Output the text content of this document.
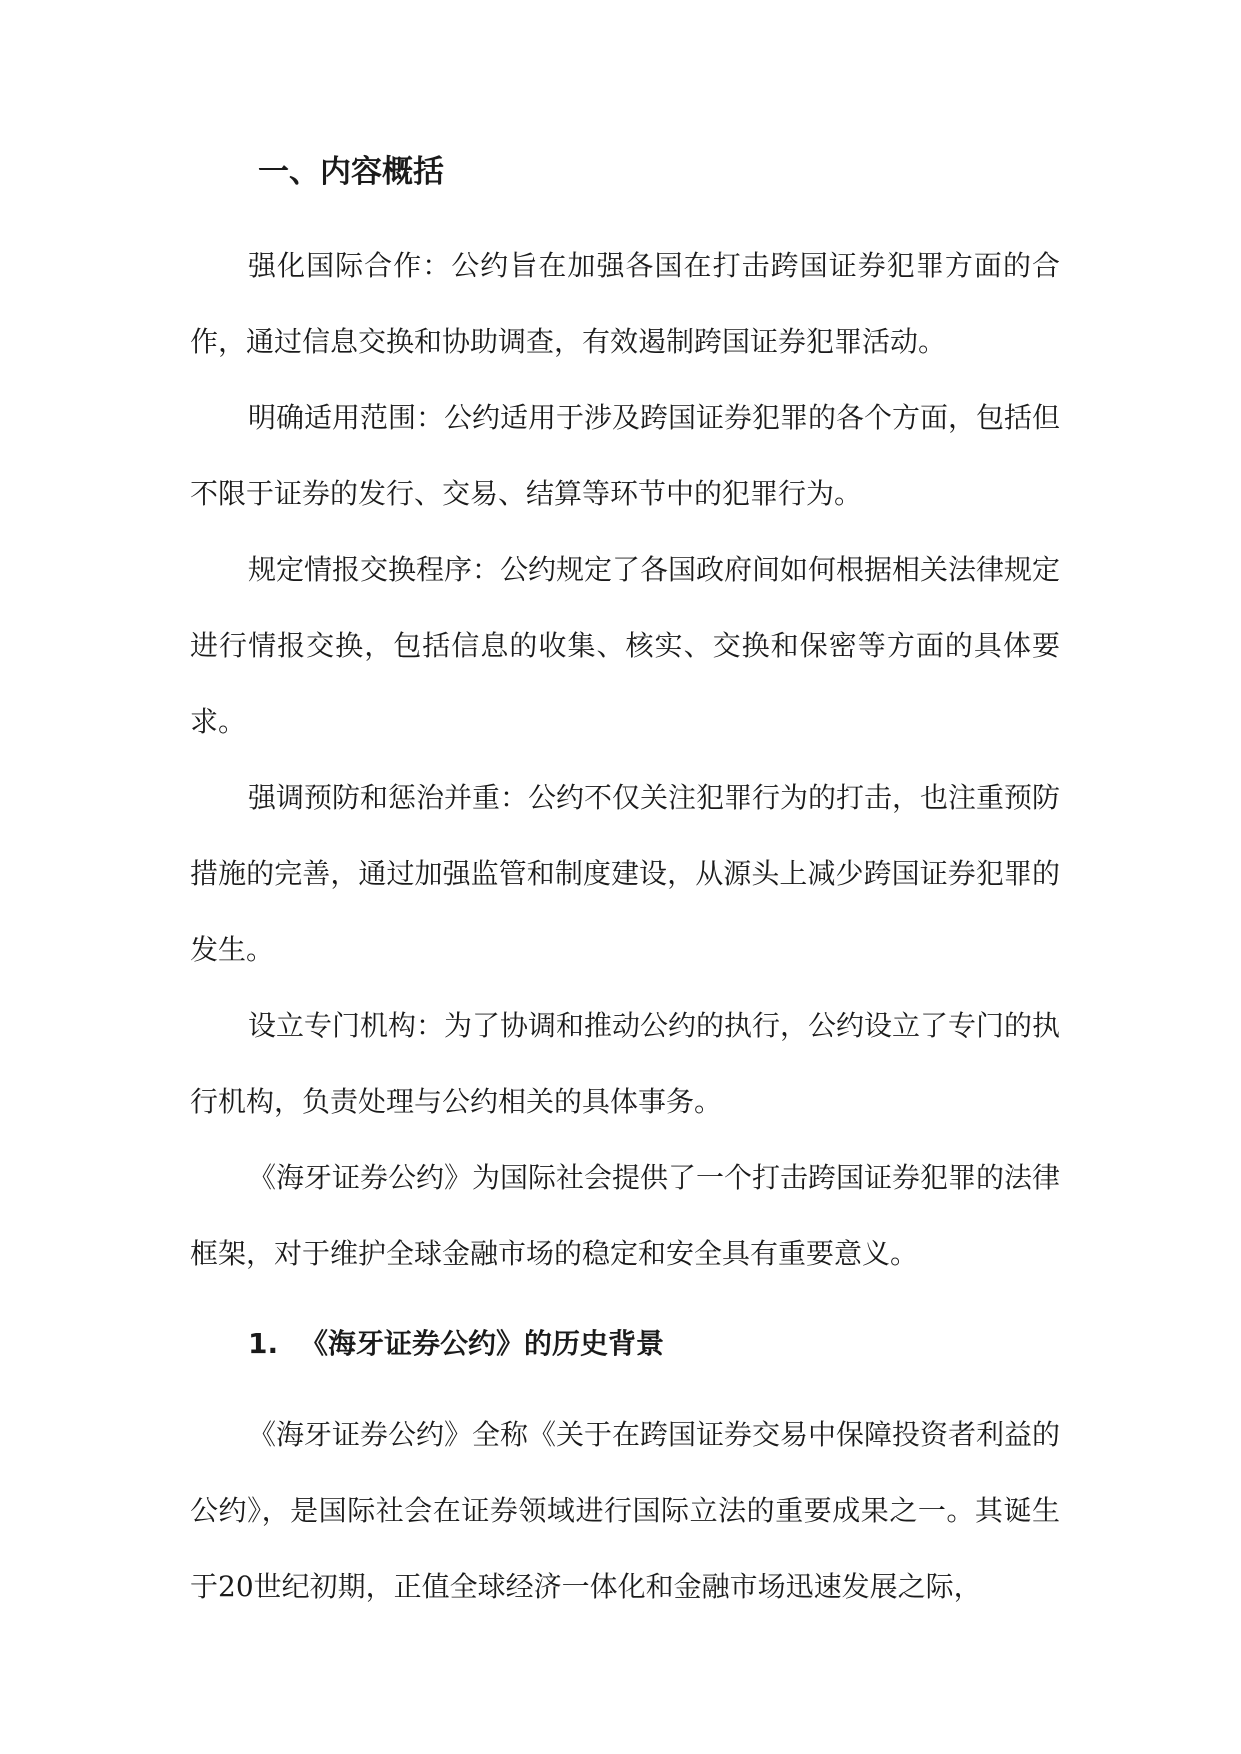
一、内容概括

强化国际合作：公约旨在加强各国在打击跨国证券犯罪方面的合作，通过信息交换和协助调查，有效遏制跨国证券犯罪活动。

明确适用范围：公约适用于涉及跨国证券犯罪的各个方面，包括但不限于证券的发行、交易、结算等环节中的犯罪行为。

规定情报交换程序：公约规定了各国政府间如何根据相关法律规定进行情报交换，包括信息的收集、核实、交换和保密等方面的具体要求。

强调预防和惩治并重：公约不仅关注犯罪行为的打击，也注重预防措施的完善，通过加强监管和制度建设，从源头上减少跨国证券犯罪的发生。

设立专门机构：为了协调和推动公约的执行，公约设立了专门的执行机构，负责处理与公约相关的具体事务。

《海牙证券公约》为国际社会提供了一个打击跨国证券犯罪的法律框架，对于维护全球金融市场的稳定和安全具有重要意义。

1. 《海牙证券公约》的历史背景

《海牙证券公约》全称《关于在跨国证券交易中保障投资者利益的公约》，是国际社会在证券领域进行国际立法的重要成果之一。其诞生于20世纪初期，正值全球经济一体化和金融市场迅速发展之际，
